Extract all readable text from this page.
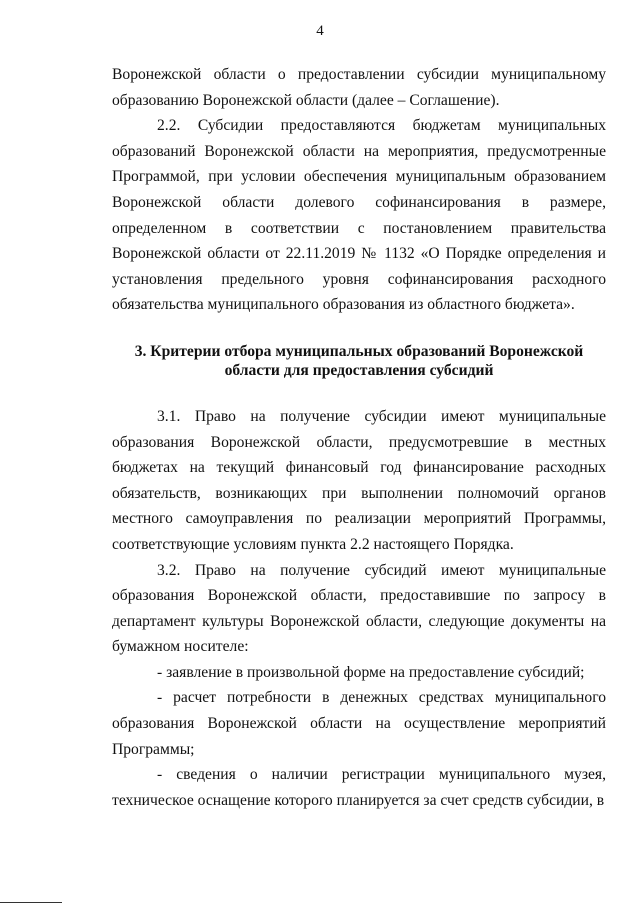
4

Воронежской области о предоставлении субсидии муниципальному образованию Воронежской области (далее – Соглашение).

2.2. Субсидии предоставляются бюджетам муниципальных образований Воронежской области на мероприятия, предусмотренные Программой, при условии обеспечения муниципальным образованием Воронежской области долевого софинансирования в размере, определенном в соответствии с постановлением правительства Воронежской области от 22.11.2019 № 1132 «О Порядке определения и установления предельного уровня софинансирования расходного обязательства муниципального образования из областного бюджета».

3. Критерии отбора муниципальных образований Воронежской области для предоставления субсидий

3.1. Право на получение субсидии имеют муниципальные образования Воронежской области, предусмотревшие в местных бюджетах на текущий финансовый год финансирование расходных обязательств, возникающих при выполнении полномочий органов местного самоуправления по реализации мероприятий Программы, соответствующие условиям пункта 2.2 настоящего Порядка.

3.2. Право на получение субсидий имеют муниципальные образования Воронежской области, предоставившие по запросу в департамент культуры Воронежской области, следующие документы на бумажном носителе:

- заявление в произвольной форме на предоставление субсидий;

- расчет потребности в денежных средствах муниципального образования Воронежской области на осуществление мероприятий Программы;

- сведения о наличии регистрации муниципального музея, техническое оснащение которого планируется за счет средств субсидии, в
